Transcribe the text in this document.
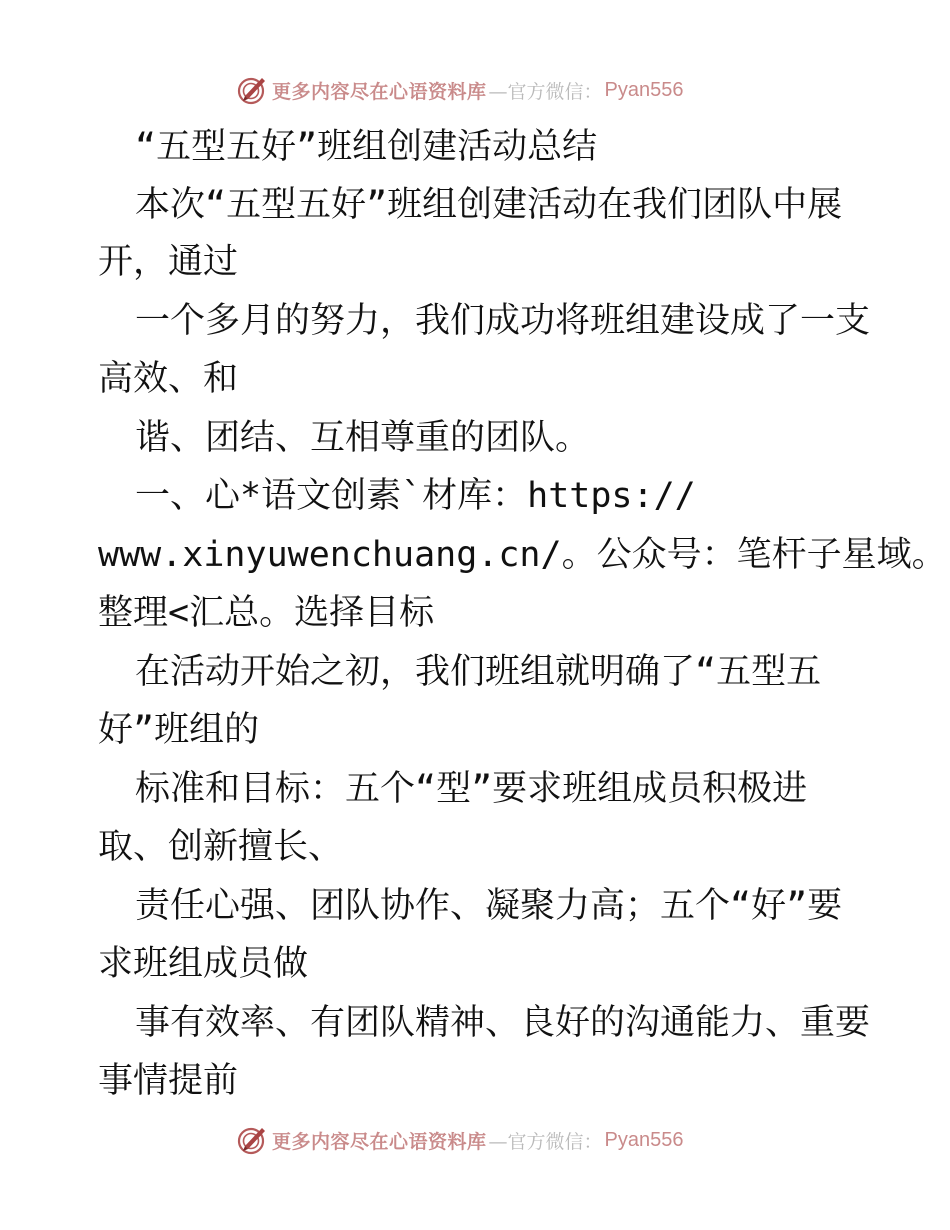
更多内容尽在心语资料库 —官方微信： Pyan556
“五型五好”班组创建活动总结
本次“五型五好”班组创建活动在我们团队中展
开，通过
一个多月的努力，我们成功将班组建设成了一支
高效、和
谐、团结、互相尊重的团队。
一、心*语文创素`材库：https://
www.xinyuwenchuang.cn/。公众号：笔杆子星域。
整理<汇总。选择目标
在活动开始之初，我们班组就明确了“五型五
好”班组的
标准和目标：五个“型”要求班组成员积极进
取、创新擅长、
责任心强、团队协作、凝聚力高；五个“好”要
求班组成员做
事有效率、有团队精神、良好的沟通能力、重要
事情提前
更多内容尽在心语资料库 —官方微信： Pyan556
